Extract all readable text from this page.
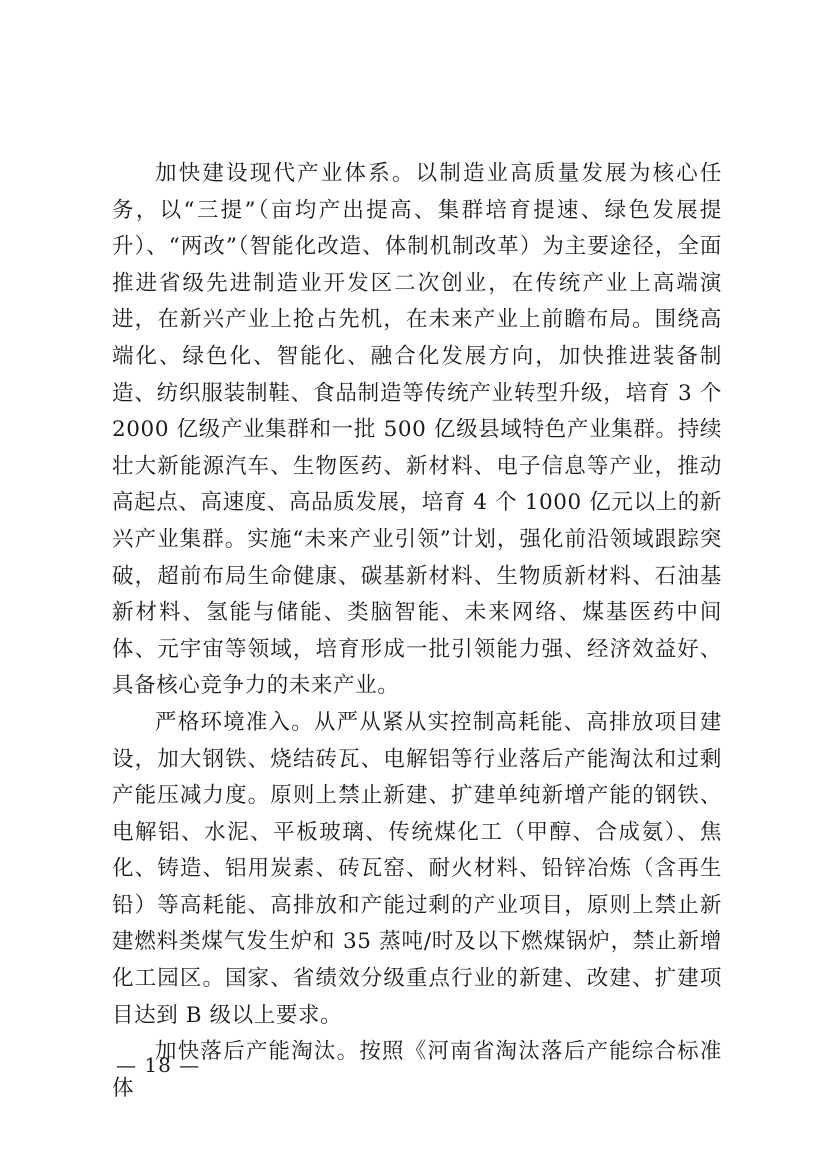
加快建设现代产业体系。以制造业高质量发展为核心任务，以“三提”（亩均产出提高、集群培育提速、绿色发展提升）、“两改”（智能化改造、体制机制改革）为主要途径，全面推进省级先进制造业开发区二次创业，在传统产业上高端演进，在新兴产业上抢占先机，在未来产业上前瞻布局。围绕高端化、绿色化、智能化、融合化发展方向，加快推进装备制造、纺织服装制鞋、食品制造等传统产业转型升级，培育 3 个 2000 亿级产业集群和一批 500 亿级县域特色产业集群。持续壮大新能源汽车、生物医药、新材料、电子信息等产业，推动高起点、高速度、高品质发展，培育 4 个 1000 亿元以上的新兴产业集群。实施“未来产业引领”计划，强化前沿领域跟踪突破，超前布局生命健康、碳基新材料、生物质新材料、石油基新材料、氢能与储能、类脑智能、未来网络、煤基医药中间体、元宇宙等领域，培育形成一批引领能力强、经济效益好、具备核心竞争力的未来产业。

严格环境准入。从严从紧从实控制高耗能、高排放项目建设，加大钢铁、烧结砖瓦、电解铝等行业落后产能淘汰和过剩产能压减力度。原则上禁止新建、扩建单纯新增产能的钢铁、电解铝、水泥、平板玻璃、传统煤化工（甲醇、合成氨）、焦化、铸造、铝用炭素、砖瓦窑、耐火材料、铅锌冶炼（含再生铅）等高耗能、高排放和产能过剩的产业项目，原则上禁止新建燃料类煤气发生炉和 35 蒸吨/时及以下燃煤锅炉，禁止新增化工园区。国家、省绩效分级重点行业的新建、改建、扩建项目达到 B 级以上要求。

加快落后产能淘汰。按照《河南省淘汰落后产能综合标准体

— 18 —
